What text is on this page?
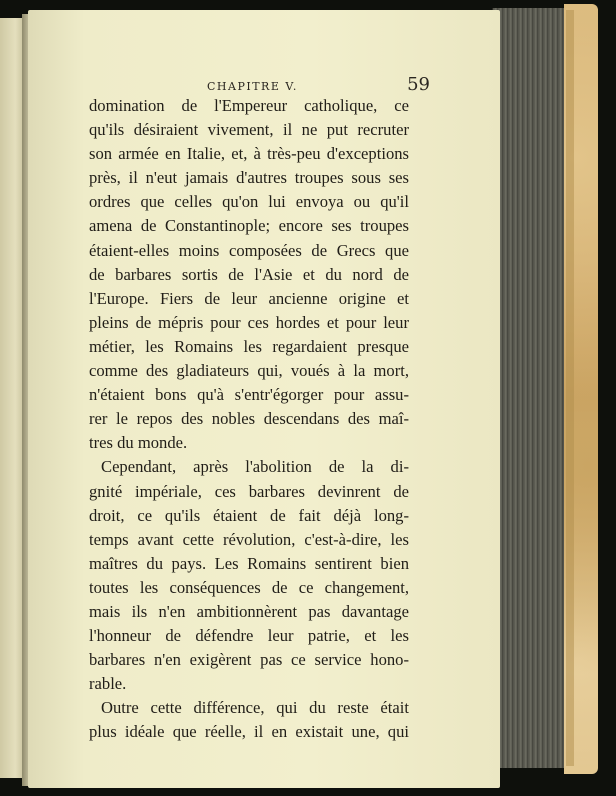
CHAPITRE V.	59
domination de l'Empereur catholique, ce
qu'ils désiraient vivement, il ne put recruter
son armée en Italie, et, à très-peu d'exceptions
près, il n'eut jamais d'autres troupes sous ses
ordres que celles qu'on lui envoya ou qu'il
amena de Constantinople; encore ses troupes
étaient-elles moins composées de Grecs que
de barbares sortis de l'Asie et du nord de
l'Europe. Fiers de leur ancienne origine et
pleins de mépris pour ces hordes et pour leur
métier, les Romains les regardaient presque
comme des gladiateurs qui, voués à la mort,
n'étaient bons qu'à s'entr'égorger pour assu-
rer le repos des nobles descendans des maî-
tres du monde.
Cependant, après l'abolition de la di-
gnité impériale, ces barbares devinrent de
droit, ce qu'ils étaient de fait déjà long-
temps avant cette révolution, c'est-à-dire, les
maîtres du pays. Les Romains sentirent bien
toutes les conséquences de ce changement,
mais ils n'en ambitionnèrent pas davantage
l'honneur de défendre leur patrie, et les
barbares n'en exigèrent pas ce service hono-
rable.
Outre cette différence, qui du reste était
plus idéale que réelle, il en existait une, qui
